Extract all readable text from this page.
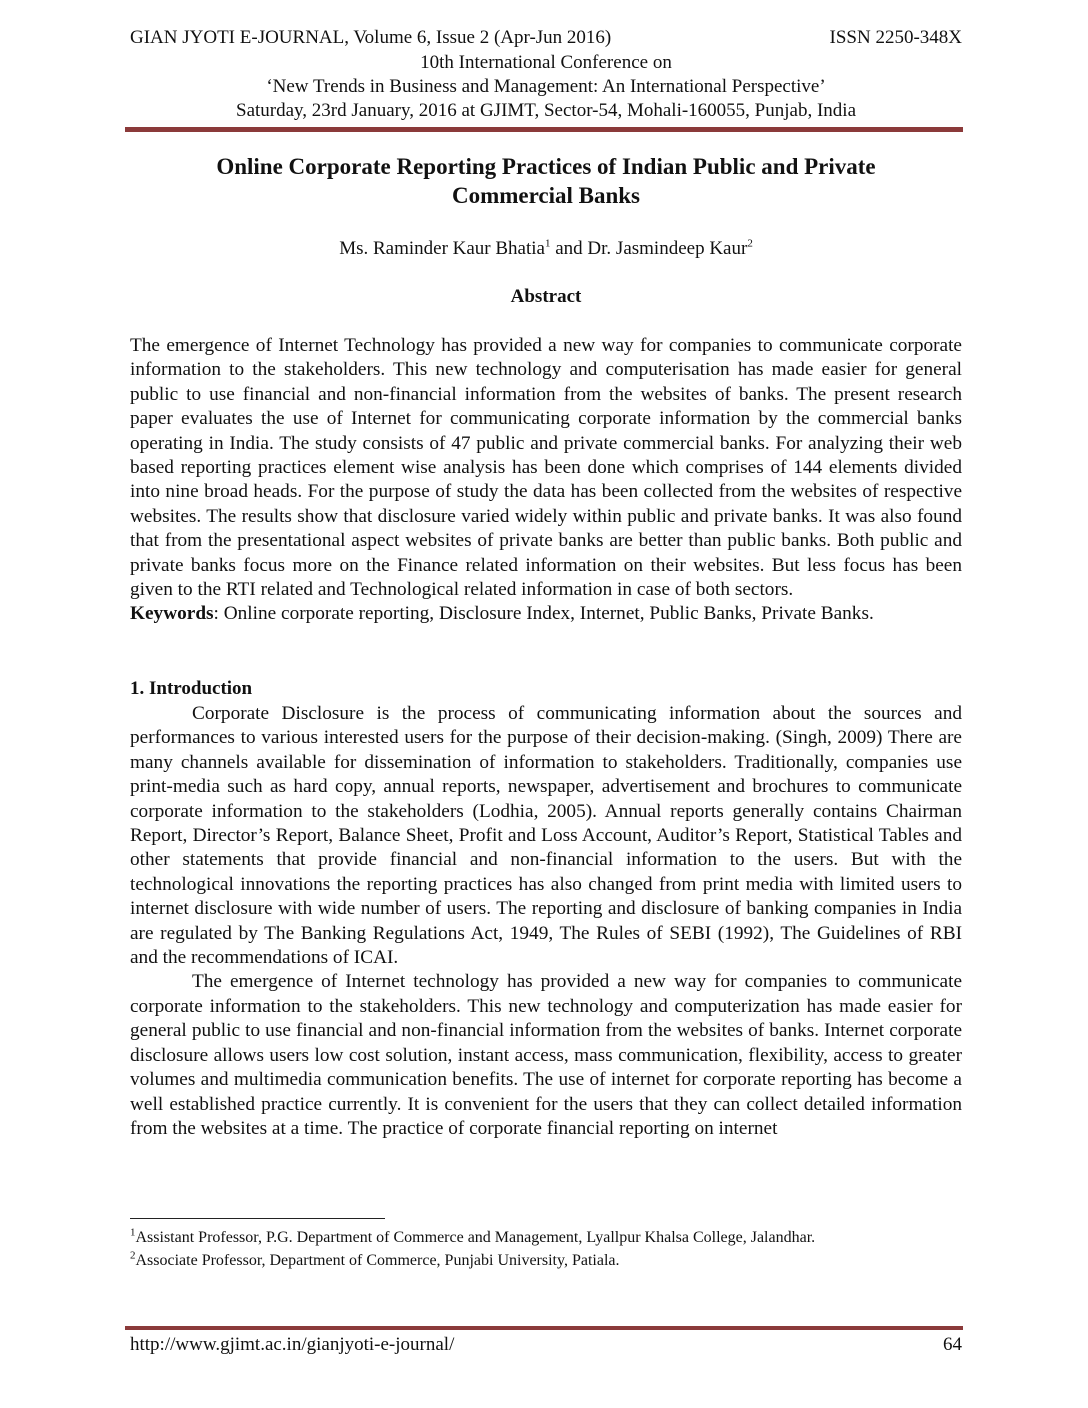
GIAN JYOTI E-JOURNAL, Volume 6, Issue 2 (Apr-Jun 2016)	ISSN 2250-348X
10th International Conference on
‘New Trends in Business and Management: An International Perspective’
Saturday, 23rd January, 2016 at GJIMT, Sector-54, Mohali-160055, Punjab, India
Online Corporate Reporting Practices of Indian Public and Private
Commercial Banks
Ms. Raminder Kaur Bhatia$^1$ and Dr. Jasmindeep Kaur$^2$
Abstract

The emergence of Internet Technology has provided a new way for companies to communicate corporate information to the stakeholders. This new technology and computerisation has made easier for general public to use financial and non-financial information from the websites of banks. The present research paper evaluates the use of Internet for communicating corporate information by the commercial banks operating in India. The study consists of 47 public and private commercial banks. For analyzing their web based reporting practices element wise analysis has been done which comprises of 144 elements divided into nine broad heads. For the purpose of study the data has been collected from the websites of respective websites. The results show that disclosure varied widely within public and private banks. It was also found that from the presentational aspect websites of private banks are better than public banks. Both public and private banks focus more on the Finance related information on their websites. But less focus has been given to the RTI related and Technological related information in case of both sectors.

Keywords: Online corporate reporting, Disclosure Index, Internet, Public Banks, Private Banks.

1. Introduction

Corporate Disclosure is the process of communicating information about the sources and performances to various interested users for the purpose of their decision-making. (Singh, 2009) There are many channels available for dissemination of information to stakeholders. Traditionally, companies use print-media such as hard copy, annual reports, newspaper, advertisement and brochures to communicate corporate information to the stakeholders (Lodhia, 2005). Annual reports generally contains Chairman Report, Director’s Report, Balance Sheet, Profit and Loss Account, Auditor’s Report, Statistical Tables and other statements that provide financial and non-financial information to the users. But with the technological innovations the reporting practices has also changed from print media with limited users to internet disclosure with wide number of users. The reporting and disclosure of banking companies in India are regulated by The Banking Regulations Act, 1949, The Rules of SEBI (1992), The Guidelines of RBI and the recommendations of ICAI.

The emergence of Internet technology has provided a new way for companies to communicate corporate information to the stakeholders. This new technology and computerization has made easier for general public to use financial and non-financial information from the websites of banks. Internet corporate disclosure allows users low cost solution, instant access, mass communication, flexibility, access to greater volumes and multimedia communication benefits. The use of internet for corporate reporting has become a well established practice currently. It is convenient for the users that they can collect detailed information from the websites at a time. The practice of corporate financial reporting on internet

$^1$Assistant Professor, P.G. Department of Commerce and Management, Lyallpur Khalsa College, Jalandhar.
$^2$Associate Professor, Department of Commerce, Punjabi University, Patiala.
http://www.gjimt.ac.in/gianjyoti-e-journal/	64
